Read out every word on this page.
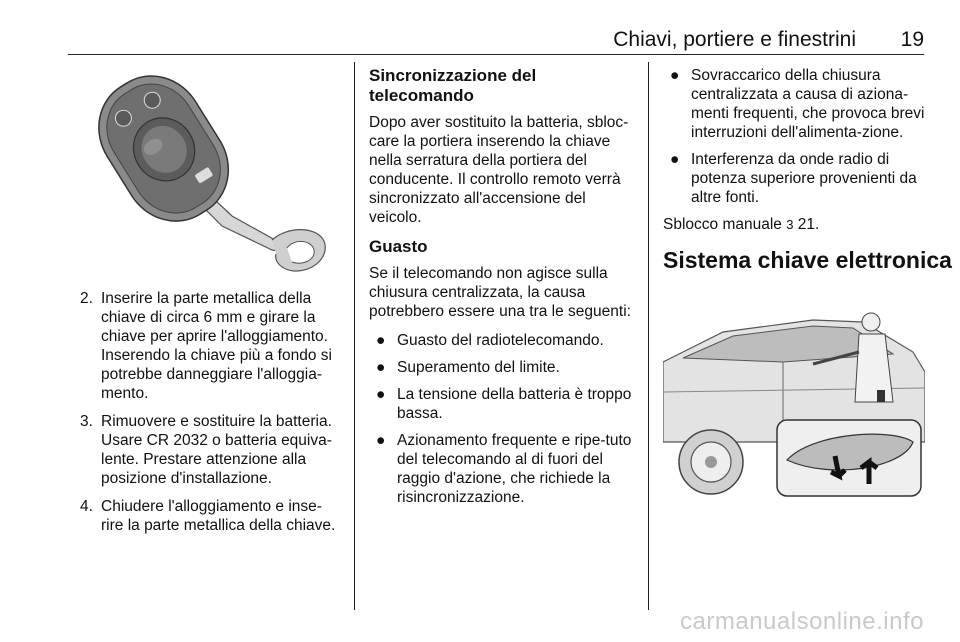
Chiavi, portiere e finestrini 19
2. Inserire la parte metallica della chiave di circa 6 mm e girare la chiave per aprire l'alloggiamento. Inserendo la chiave più a fondo si potrebbe danneggiare l'alloggia-mento.
3. Rimuovere e sostituire la batteria. Usare CR 2032 o batteria equiva-lente. Prestare attenzione alla posizione d'installazione.
4. Chiudere l'alloggiamento e inse-rire la parte metallica della chiave.
Sincronizzazione del telecomando

Dopo aver sostituito la batteria, sbloc-care la portiera inserendo la chiave nella serratura della portiera del conducente. Il controllo remoto verrà sincronizzato all'accensione del veicolo.

Guasto

Se il telecomando non agisce sulla chiusura centralizzata, la causa potrebbero essere una tra le seguenti:

● Guasto del radiotelecomando.
● Superamento del limite.
● La tensione della batteria è troppo bassa.
● Azionamento frequente e ripe-tuto del telecomando al di fuori del raggio d'azione, che richiede la risincronizzazione.
● Sovraccarico della chiusura centralizzata a causa di aziona-menti frequenti, che provoca brevi interruzioni dell'alimenta-zione.
● Interferenza da onde radio di potenza superiore provenienti da altre fonti.

Sblocco manuale 3 21.

Sistema chiave elettronica
carmanualsonline.info
